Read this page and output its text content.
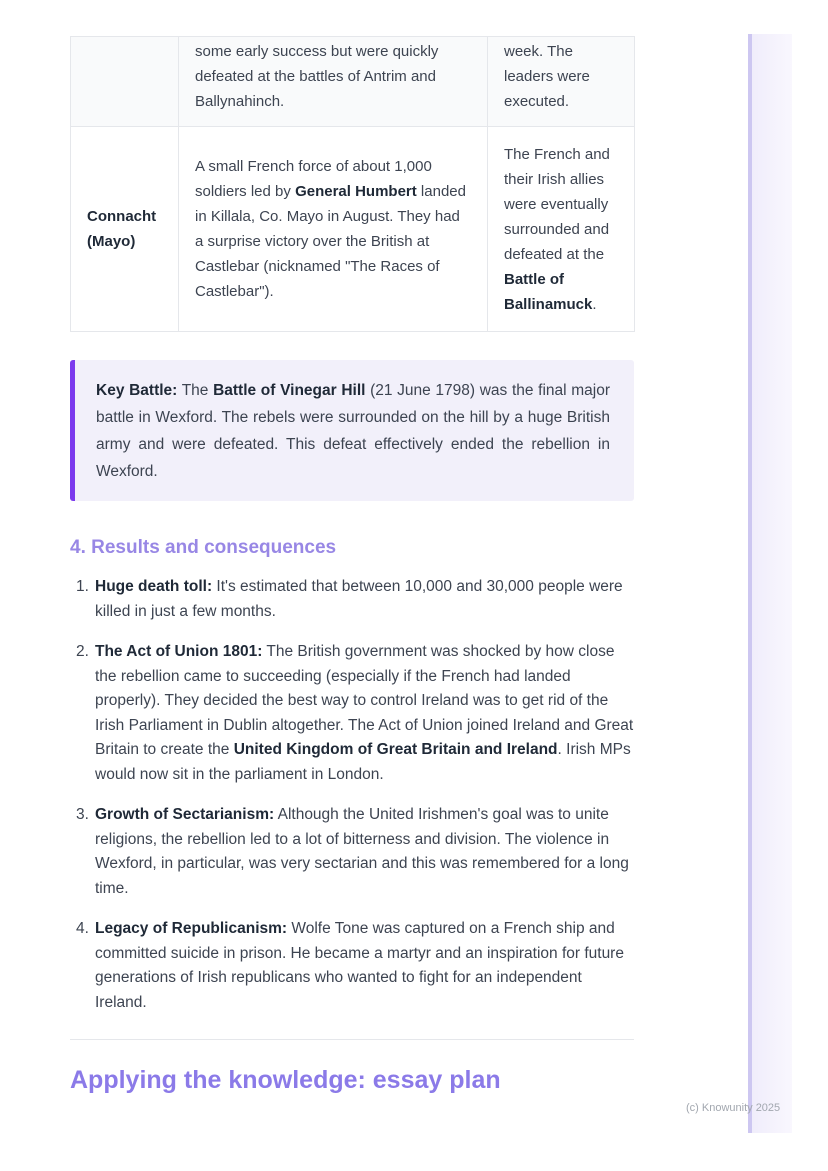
	some early success but were quickly defeated at the battles of Antrim and Ballynahinch.	week. The leaders were executed.
Connacht (Mayo)	A small French force of about 1,000 soldiers led by General Humbert landed in Killala, Co. Mayo in August. They had a surprise victory over the British at Castlebar (nicknamed "The Races of Castlebar").	The French and their Irish allies were eventually surrounded and defeated at the Battle of Ballinamuck.

Key Battle: The Battle of Vinegar Hill (21 June 1798) was the final major battle in Wexford. The rebels were surrounded on the hill by a huge British army and were defeated. This defeat effectively ended the rebellion in Wexford.

4. Results and consequences
1. Huge death toll: It's estimated that between 10,000 and 30,000 people were killed in just a few months.
2. The Act of Union 1801: The British government was shocked by how close the rebellion came to succeeding (especially if the French had landed properly). They decided the best way to control Ireland was to get rid of the Irish Parliament in Dublin altogether. The Act of Union joined Ireland and Great Britain to create the United Kingdom of Great Britain and Ireland. Irish MPs would now sit in the parliament in London.
3. Growth of Sectarianism: Although the United Irishmen's goal was to unite religions, the rebellion led to a lot of bitterness and division. The violence in Wexford, in particular, was very sectarian and this was remembered for a long time.
4. Legacy of Republicanism: Wolfe Tone was captured on a French ship and committed suicide in prison. He became a martyr and an inspiration for future generations of Irish republicans who wanted to fight for an independent Ireland.
Applying the knowledge: essay plan
(c) Knowunity 2025
